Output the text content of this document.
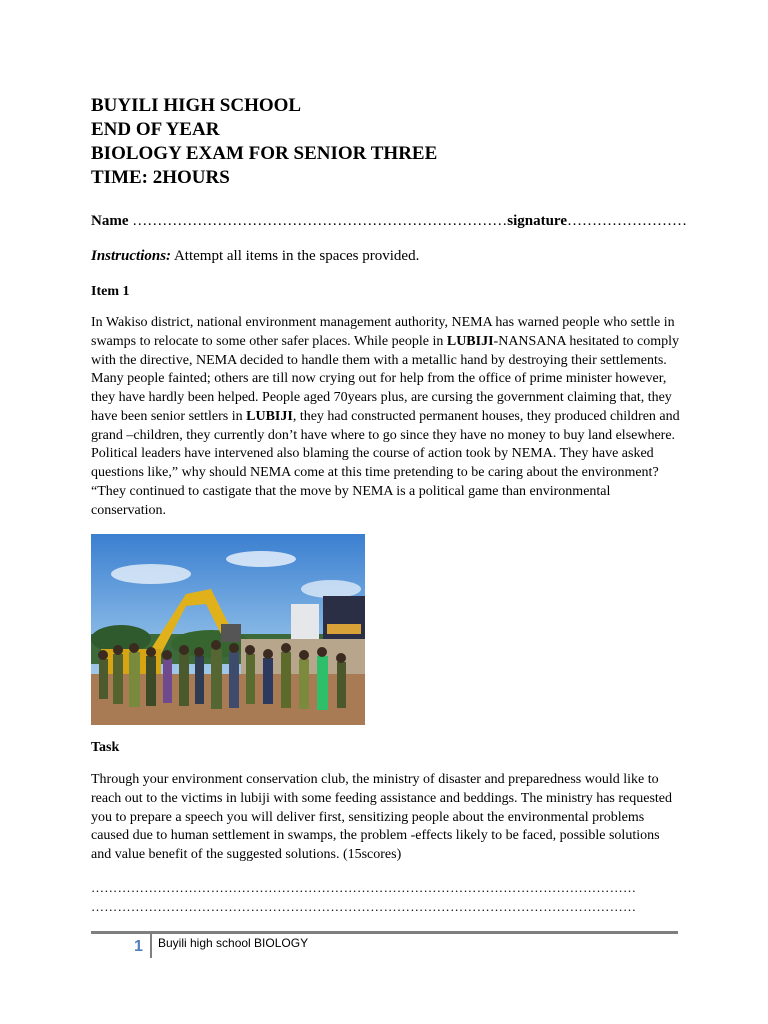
BUYILI HIGH SCHOOL
END OF YEAR
BIOLOGY EXAM FOR SENIOR THREE
TIME: 2HOURS
Name …………………………………………………………………signature……………………
Instructions: Attempt all items in the spaces provided.
Item 1
In Wakiso district, national environment management authority, NEMA has warned people who settle in swamps to relocate to some other safer places. While people in LUBIJI-NANSANA hesitated to comply with the directive, NEMA decided to handle them with a metallic hand by destroying their settlements. Many people fainted; others are till now crying out for help from the office of prime minister however, they have hardly been helped. People aged 70years plus, are cursing the government claiming that, they have been senior settlers in LUBIJI, they had constructed permanent houses, they produced children and grand –children, they currently don’t have where to go since they have no money to buy land elsewhere. Political leaders have intervened also blaming the course of action took by NEMA. They have asked questions like,” why should NEMA come at this time pretending to be caring about the environment? “They continued to castigate that the move by NEMA is a political game than environmental conservation.
Task
Through your environment conservation club, the ministry of disaster and preparedness would like to reach out to the victims in lubiji with some feeding assistance and beddings. The ministry has requested you to prepare a speech you will deliver first, sensitizing people about the environmental problems caused due to human settlement in swamps, the problem -effects likely to be faced, possible solutions and value benefit of the suggested solutions. (15scores)
……………………………………………………………………………………………………………
……………………………………………………………………………………………………………
1 Buyili high school BIOLOGY
